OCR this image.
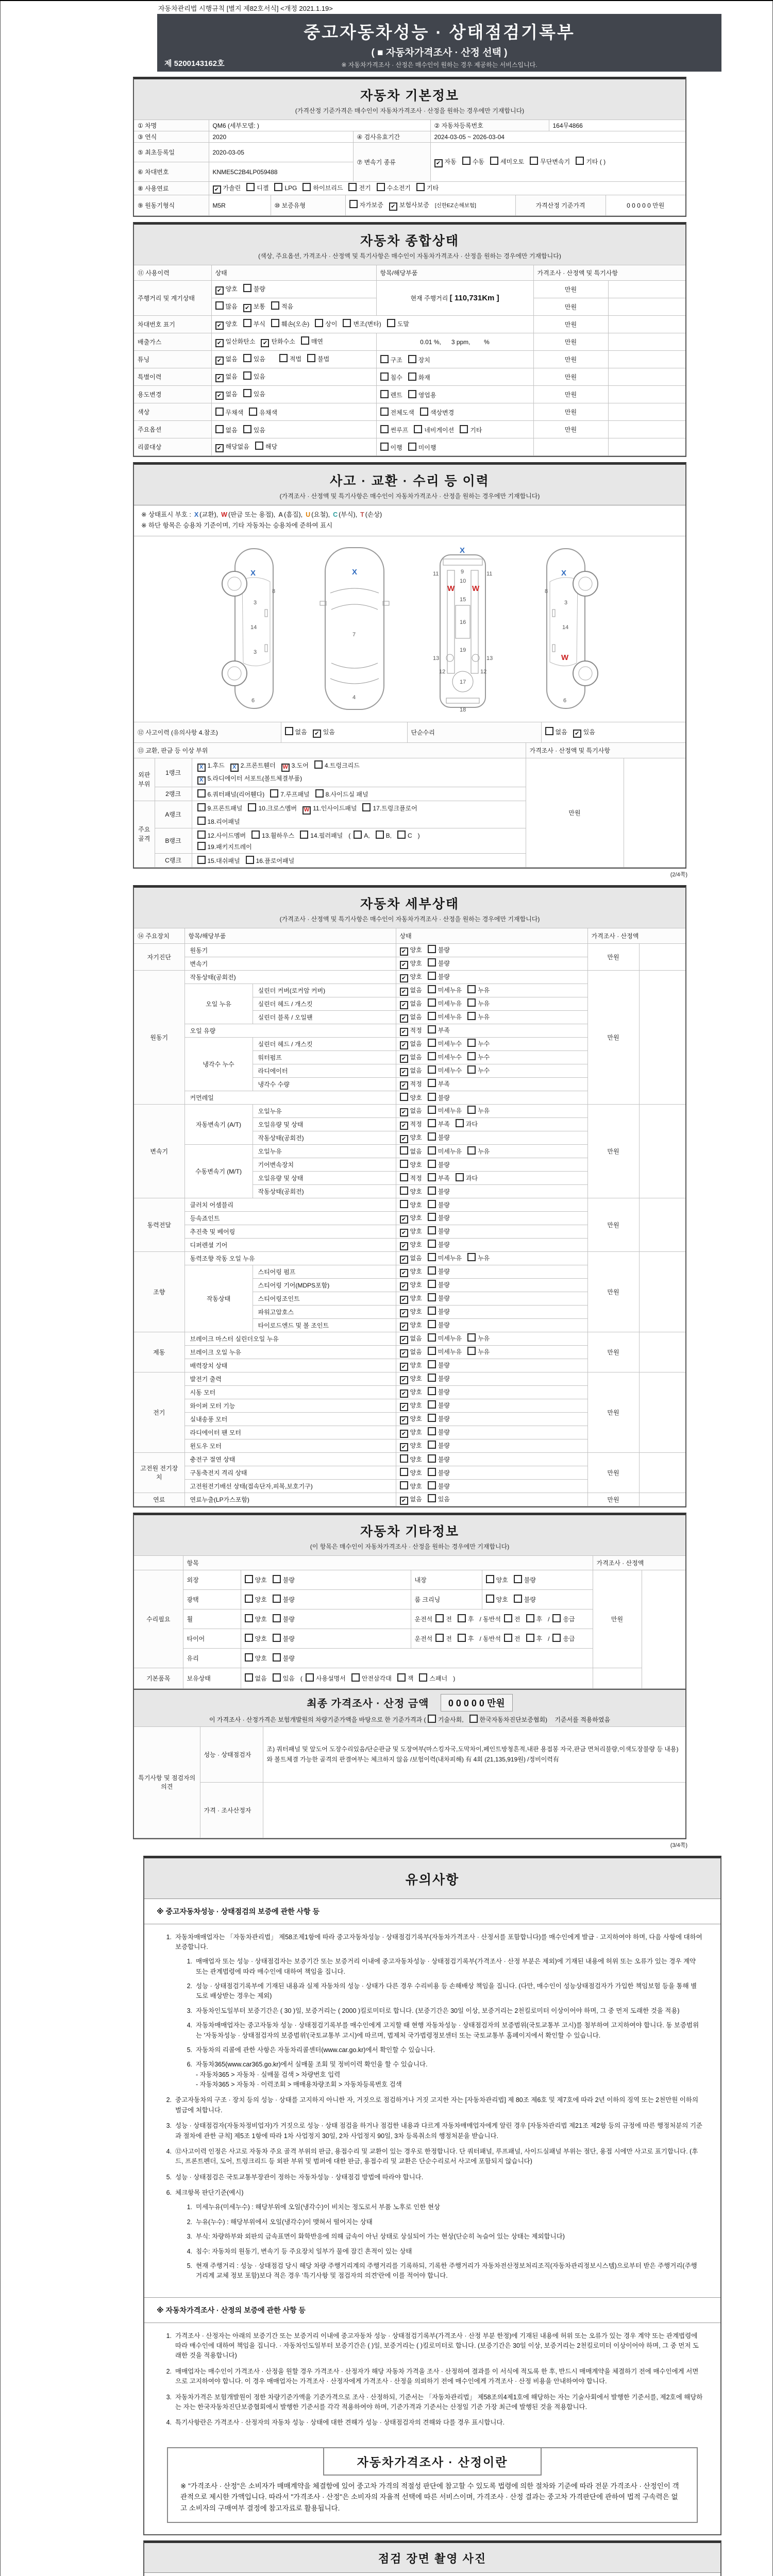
자동차관리법 시행규칙 [별지 제82호서식] <개정 2021.1.19>
중고자동차성능 · 상태점검기록부
( ■ 자동차가격조사 · 산정 선택 )
※ 자동차가격조사 · 산정은 매수인이 원하는 경우 제공하는 서비스입니다.
제 5200143162호
자동차 기본정보
(가격산정 기준가격은 매수인이 자동차가격조사 · 산정을 원하는 경우에만 기재합니다)
① 차명	QM6 (세부모델: )	② 자동차등록번호	164무4866
③ 연식	2020	④ 검사유효기간	2024-03-05 ~ 2026-03-04
⑤ 최초등록일	2020-03-05	⑦ 변속기 종류	✔자동 수동 세미오토 무단변속기 기타 ( )
⑥ 차대번호	KNME5C2B4LP059488		
⑧ 사용연료	✔가솔린	디젤	LPG	하이브리드	전기	수소전기	기타
⑨ 원동기형식	M5R	⑩ 보증유형	자가보증 ✔	보험사보증 [신한EZ손해보험]	가격산정 기준가격	0 0 0 0 0 만원
자동차 종합상태
(색상, 주요옵션, 가격조사 · 산정액 및 특기사항은 매수인이 자동차가격조사 · 산정을 원하는 경우에만 기재합니다)
⑪ 사용이력	상태	항목/해당부품	가격조사 · 산정액 및 특기사항	
주행거리 및 계기상태	✔양호 불량	현재 주행거리 [ 110,731Km ]	만원	
	많음 ✔ 보통 적음		만원	
차대번호 표기	✔양호 부식 훼손(오손) 상이 변조(변타) 도말		만원	
배출가스	✔일산화탄소 ✔ 탄화수소 매연	0.01 %,      3 ppm,        %	만원	
튜닝	✔없음 있음 적법 불법	구조 장치	만원	
특별이력	✔없음 있음	침수 화재	만원	
용도변경	✔없음 있음	렌트 영업용	만원	
색상	무채색 유채색	전체도색 색상변경	만원	
주요옵션	없음 있음	썬루프 네비게이션 기타	만원	
리콜대상	✔해당없음 해당	이행 미이행		
사고 · 교환 · 수리 등 이력
(가격조사 · 산정액 및 특기사항은 매수인이 자동차가격조사 · 산정을 원하는 경우에만 기재합니다)
※ 상태표시 부호 : X (교환), W (판금 또는 용접), A (흠집), U (요철), C (부식), T (손상)
※ 하단 항목은 승용차 기준이며, 기타 자동차는 승용차에 준하여 표시
X
8
3
14
3
6
X
7
4
X
11	11
W W
9
10
15
16
13	13
19
12	12
17
18
X
3
8
14
W
6
⑫ 사고이력 (유의사항 4.참조)	없음 ✔	있음	단순수리	없음 ✔	있음
⑬ 교환, 판금 등 이상 부위			가격조사 · 산정액 및 특기사항	
외판부위	1랭크	X 1.후드 X 2.프론트휀더 W 3.도어 4.트렁크리드
X 5.라디에이터 서포트(볼트체결부품)	만원	
	2랭크	6.쿼터패널(리어휀다) 7.루프패널 8.사이드실 패널		

주요골격	A랭크	9.프론트패널 10.크로스멤버 W 11.인사이드패널 17.트렁크플로어
18.리어패널		

	B랭크	12.사이드멤버 13.휠하우스 14.필러패널 ( A, B, C )
19.패키지트레이		

	C랭크	15.대쉬패널 16.플로어패널		
(2/4쪽)
자동차 세부상태
(가격조사 · 산정액 및 특기사항은 매수인이 자동차가격조사 · 산정을 원하는 경우에만 기재합니다)
⑭ 주요장치	항목/해당부품		상태	가격조사 · 산정액	
자기진단	원동기	✔양호 불량	만원	
	변속기	✔양호 불량
원동기	작동상태(공회전)	✔양호 불량	만원	
	오일 누유	실린더 커버(로커암 커버)	✔없음 미세누유 누유
		실린더 헤드 / 개스킷	✔없음 미세누유 누유
		실린더 블록 / 오일팬	✔없음 미세누유 누유
	오일 유량	✔적정 부족
	냉각수 누수	실린더 헤드 / 개스킷	✔없음 미세누수 누수
		워터펌프	✔없음 미세누수 누수
		라디에이터	✔없음 미세누수 누수
		냉각수 수량	✔적정 부족
	커먼레일		양호 불량		
변속기	자동변속기 (A/T)	오일누유	✔없음 미세누유 누유	만원	
		오일유량 및 상태	✔적정 부족 과다
		작동상태(공회전)	✔양호 불량
	수동변속기 (M/T)	오일누유	없음 미세누유 누유		
		기어변속장치	양호 불량		
		오일유량 및 상태	적정 부족 과다		
		작동상태(공회전)	양호 불량		
동력전달	클러치 어셈블리		양호 불량	만원	
	등속죠인트	✔양호 불량
	추진축 및 베어링	✔양호 불량
	디퍼렌셜 기어	✔양호 불량
조향	동력조향 작동 오일 누유	✔없음 미세누유 누유	만원	
	작동상태	스티어링 펌프	✔양호 불량
		스티어링 기어(MDPS포함)	✔양호 불량
		스티어링조인트	✔양호 불량
		파워고압호스	✔양호 불량
		타이로드엔드 및 볼 조인트	✔양호 불량
제동	브레이크 마스터 실린더오일 누유	✔없음 미세누유 누유	만원	
	브레이크 오일 누유	✔없음 미세누유 누유
	배력장치 상태	✔양호 불량
전기	발전기 출력	✔양호 불량	만원	
	시동 모터	✔양호 불량
	와이퍼 모터 기능	✔양호 불량
	실내송풍 모터	✔양호 불량
	라디에이터 팬 모터	✔양호 불량
	윈도우 모터	✔양호 불량
고전원 전기장치	충전구 절연 상태		양호 불량	만원	
	구동축전지 격리 상태		양호 불량		
	고전원전기배선 상태(접속단자,피복,보호기구)		양호 불량		
연료	연료누출(LP가스포함)	✔없음 있음	만원	
자동차 기타정보
(이 항목은 매수인이 자동차가격조사 · 산정을 원하는 경우에만 기재합니다)
	항목				가격조사 · 산정액	
수리필요	외장	양호 불량	내장	양호 불량	만원	
	광택	양호 불량	룸 크리닝	양호 불량		
	휠	양호 불량	운전석 전 후 / 동반석 전 후 / 응급			
	타이어	양호 불량	운전석 전 후 / 동반석 전 후 / 응급			
	유리	양호 불량				
기본품목	보유상태	없음 있음 ( 사용설명서 안전삼각대 잭 스패너 )				
최종 가격조사 · 산정 금액 0 0 0 0 0 만원
이 가격조사 · 산정가격은 보험개발원의 차량기준가액을 바탕으로 한 기준가격과 ( 기술사회,	한국자동차진단보증협회) 기준서를 적용하였음
특기사항 및 점검자의 의견	성능 · 상태점검자	조) 쿼터패널 및 앞도어 도장수리있음/단순판금 및 도장여부(마스킹자국,도막차이,페인트방청흔적,내판 용접봉 자국,판금 면처리불량,이색도장불량 등 내용)와 볼트체결 가능한 골격의 판결여부는 체크하지 않음 /보험이력(내차피해) 有 4회 (21,135,919원) /정비이력有
	가격 · 조사산정자	
(3/4쪽)
유의사항
※ 중고자동차성능 · 상태점검의 보증에 관한 사항 등
1. 자동차매매업자는 「자동차관리법」 제58조제1항에 따라 중고자동차성능 · 상태점검기록부(자동차가격조사 · 산정서를 포함합니다)를 매수인에게 발급 · 고지하여야 하며, 다음 사항에 대하여 보증합니다.
1. 매매업자 또는 성능 · 상태점검자는 보증기간 또는 보증거리 이내에 중고자동차성능 · 상태점검기록부(가격조사 · 산정 부분은 제외)에 기재된 내용에 허위 또는 오류가 있는 경우 계약 또는 관계법령에 따라 매수인에 대하여 책임을 집니다.
2. 성능 · 상태점검기록부에 기재된 내용과 실제 자동차의 성능 · 상태가 다른 경우 수리비용 등 손해배상 책임을 집니다. (다만, 매수인이 성능상태점검자가 가입한 책임보험 등을 통해 별도로 배상받는 경우는 제외)
3. 자동차인도일부터 보증기간은 ( 30 )일, 보증거리는 ( 2000 )킬로미터로 합니다. (보증기간은 30일 이상, 보증거리는 2천킬로미터 이상이어야 하며, 그 중 먼저 도래한 것을 적용)
4. 자동차매매업자는 중고자동차 성능 · 상태점검기록부를 매수인에게 고지할 때 현행 자동차성능 · 상태점검자의 보증범위(국토교통부 고시)를 첨부하여 고지하여야 합니다. 동 보증범위는 '자동차성능 · 상태점검자의 보증범위'(국토교통부 고시)에 따르며, 법제처 국가법령정보센터 또는 국토교통부 홈페이지에서 확인할 수 있습니다.
5. 자동차의 리콜에 관한 사항은 자동차리콜센터(www.car.go.kr)에서 확인할 수 있습니다.
6. 자동차365(www.car365.go.kr)에서 실매물 조회 및 정비이력 확인을 할 수 있습니다.
- 자동차365 > 자동차 · 실매물 검색 > 차량번호 입력
- 자동차365 > 자동차 · 이력조회 > 매매용차량조회 > 자동차등록번호 검색
2. 중고자동차의 구조 · 장치 등의 성능 · 상태를 고지하지 아니한 자, 거짓으로 점검하거나 거짓 고지한 자는 [자동차관리법] 제 80조 제6호 및 제7호에 따라 2년 이하의 징역 또는 2천만원 이하의 벌금에 처합니다.
3. 성능 · 상태점검자(자동차정비업자)가 거짓으로 성능 · 상태 점검을 하거나 점검한 내용과 다르게 자동차매매업자에게 알린 경우 [자동차관리법 제21조 제2항 등의 규정에 따른 행정처분의 기준과 절차에 관한 규칙] 제5조 1항에 따라 1차 사업정지 30일, 2차 사업정지 90일, 3차 등록취소의 행정처분을 받습니다.
4. ⑫사고이력 인정은 사고로 자동차 주요 골격 부위의 판금, 용접수리 및 교환이 있는 경우로 한정합니다. 단 쿼터패널, 루프패널, 사이드실패널 부위는 절단, 용접 시에만 사고로 표기합니다. (후드, 프론트펜더, 도어, 트렁크리드 등 외판 부위 및 범퍼에 대한 판금, 용접수리 및 교환은 단순수리로서 사고에 포함되지 않습니다)
5. 성능 · 상태점검은 국토교통부장관이 정하는 자동차성능 · 상태점검 방법에 따라야 합니다.
6. 체크항목 판단기준(예시)
1. 미세누유(미세누수) : 해당부위에 오일(냉각수)이 비치는 정도로서 부품 노후로 인한 현상
2. 누유(누수) : 해당부위에서 오일(냉각수)이 맺혀서 떨어지는 상태
3. 부식: 차량하부와 외판의 금속표면이 화학반응에 의해 금속이 아닌 상태로 상실되어 가는 현상(단순히 녹슬어 있는 상태는 제외합니다)
4. 침수: 자동차의 원동기, 변속기 등 주요장치 일부가 물에 잠긴 흔적이 있는 상태
5. 현재 주행거리 : 성능 · 상태점검 당시 해당 차량 주행거리계의 주행거리를 기록하되, 기록한 주행거리가 자동차전산정보처리조직(자동차관리정보시스템)으로부터 받은 주행거리(주행거리계 교체 정보 포함)보다 적은 경우 '특기사항 및 점검자의 의견'란에 이를 적어야 합니다.
※ 자동차가격조사 · 산정의 보증에 관한 사항 등
1. 가격조사 · 산정자는 아래의 보증기간 또는 보증거리 이내에 중고자동차 성능 · 상태점검기록부(가격조사 · 산정 부분 한정)에 기재된 내용에 허위 또는 오류가 있는 경우 계약 또는 관계법령에 따라 매수인에 대하여 책임을 집니다. · 자동차인도일부터 보증기간은 ( )일, 보증거리는 ( )킬로미터로 합니다. (보증기간은 30일 이상, 보증거리는 2천킬로미터 이상이어야 하며, 그 중 먼저 도래한 것을 적용합니다)
2. 매매업자는 매수인이 가격조사 · 산정을 원할 경우 가격조사 · 산정자가 해당 자동차 가격을 조사 · 산정하여 결과를 이 서식에 적도록 한 후, 반드시 매매계약을 체결하기 전에 매수인에게 서면으로 고지하여야 합니다. 이 경우 매매업자는 가격조사 · 산정자에게 가격조사 · 산정을 의뢰하기 전에 매수인에게 가격조사 · 산정 비용을 안내하여야 합니다.
3. 자동차가격은 보험개발원이 정한 차량기준가액을 기준가격으로 조사 · 산정하되, 기준서는 「자동차관리법」 제58조의4제1호에 해당하는 자는 기술사회에서 발행한 기준서를, 제2호에 해당하는 자는 한국자동차진단보증협회에서 발행한 기준서를 각각 적용하여야 하며, 기준가격과 기준서는 산정일 기준 가장 최근에 발행된 것을 적용합니다.
4. 특기사항란은 가격조사 · 산정자의 자동차 성능 · 상태에 대한 견해가 성능 · 상태점검자의 견해와 다를 경우 표시합니다.
자동차가격조사 · 산정이란
※ "가격조사 · 산정"은 소비자가 매매계약을 체결함에 있어 중고차 가격의 적절성 판단에 참고할 수 있도록 법령에 의한 절차와 기준에 따라 전문 가격조사 · 산정인이 객관적으로 제시한 가액입니다. 따라서 "가격조사 · 산정"은 소비자의 자율적 선택에 따른 서비스이며, 가격조사 · 산정 결과는 중고차 가격판단에 관하여 법적 구속력은 없고 소비자의 구매여부 결정에 참고자료로 활용됩니다.
점검 장면 촬영 사진
